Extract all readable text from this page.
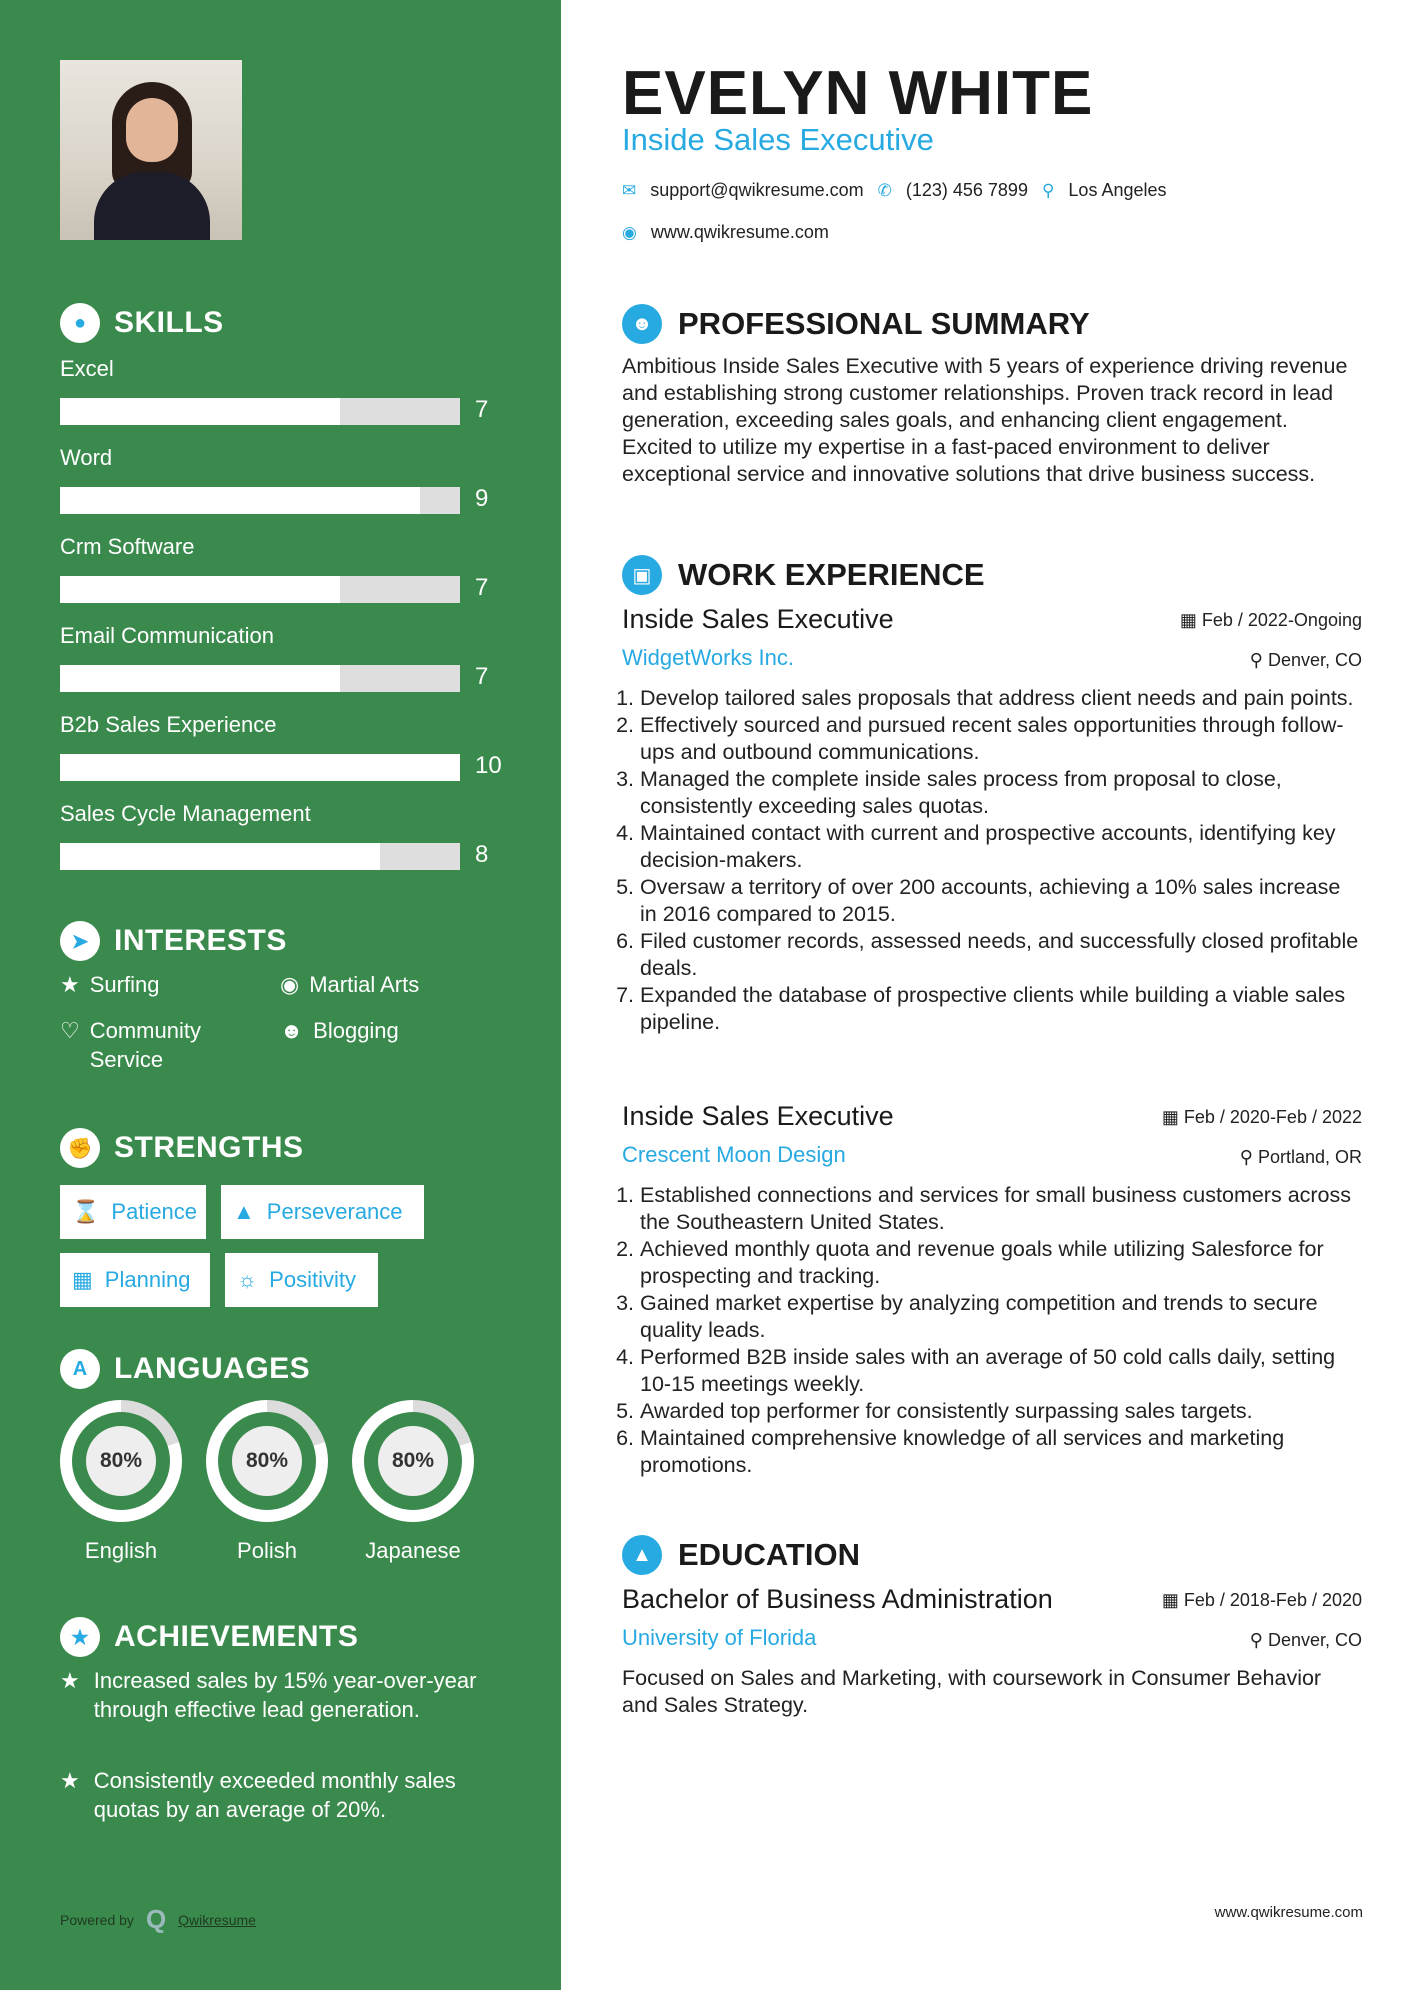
● SKILLS
Excel
7
Word
9
Crm Software
7
Email Communication
7
B2b Sales Experience
10
Sales Cycle Management
8
➤ INTERESTS
★ Surfing	◉ Martial Arts
♡ Community Service
☻ Blogging
✊ STRENGTHS
⌛ Patience ▲ Perseverance
▦ Planning ☼ Positivity
A LANGUAGES
80%
English
80%
Polish
80%
Japanese
★ ACHIEVEMENTS
★ Increased sales by 15% year-over-year through effective lead generation.
★ Consistently exceeded monthly sales quotas by an average of 20%.
Powered by Q Qwikresume
EVELYN WHITE
Inside Sales Executive
✉ support@qwikresume.com ✆ (123) 456 7899 ⚲ Los Angeles
◉ www.qwikresume.com
☻ PROFESSIONAL SUMMARY
Ambitious Inside Sales Executive with 5 years of experience driving revenue and establishing strong customer relationships. Proven track record in lead generation, exceeding sales goals, and enhancing client engagement. Excited to utilize my expertise in a fast-paced environment to deliver exceptional service and innovative solutions that drive business success.
▣ WORK EXPERIENCE
Inside Sales Executive	▦ Feb / 2022-Ongoing
WidgetWorks Inc.	⚲ Denver, CO
1. Develop tailored sales proposals that address client needs and pain points.
2. Effectively sourced and pursued recent sales opportunities through follow-ups and outbound communications.
3. Managed the complete inside sales process from proposal to close, consistently exceeding sales quotas.
4. Maintained contact with current and prospective accounts, identifying key decision-makers.
5. Oversaw a territory of over 200 accounts, achieving a 10% sales increase in 2016 compared to 2015.
6. Filed customer records, assessed needs, and successfully closed profitable deals.
7. Expanded the database of prospective clients while building a viable sales pipeline.
Inside Sales Executive	▦ Feb / 2020-Feb / 2022
Crescent Moon Design	⚲ Portland, OR
1. Established connections and services for small business customers across the Southeastern United States.
2. Achieved monthly quota and revenue goals while utilizing Salesforce for prospecting and tracking.
3. Gained market expertise by analyzing competition and trends to secure quality leads.
4. Performed B2B inside sales with an average of 50 cold calls daily, setting 10-15 meetings weekly.
5. Awarded top performer for consistently surpassing sales targets.
6. Maintained comprehensive knowledge of all services and marketing promotions.
▲ EDUCATION
Bachelor of Business Administration	▦ Feb / 2018-Feb / 2020
University of Florida	⚲ Denver, CO
Focused on Sales and Marketing, with coursework in Consumer Behavior and Sales Strategy.
www.qwikresume.com
